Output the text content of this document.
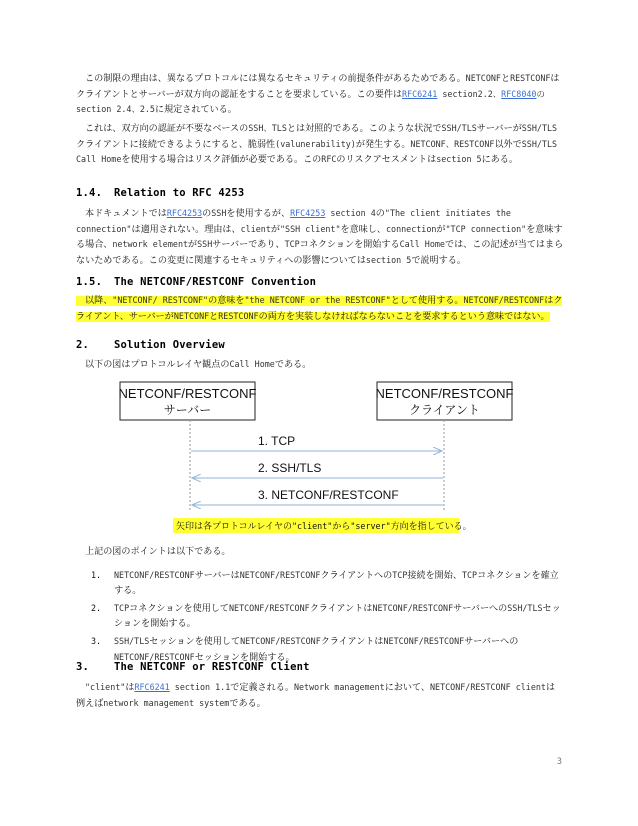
この制限の理由は、異なるプロトコルには異なるセキュリティの前提条件があるためである。NETCONFとRESTCONFはクライアントとサーバーが双方向の認証をすることを要求している。この要件はRFC6241 section2.2、RFC8040のsection 2.4、2.5に規定されている。

これは、双方向の認証が不要なベースのSSH、TLSとは対照的である。このような状況でSSH/TLSサーバーがSSH/TLSクライアントに接続できるようにすると、脆弱性(valunerability)が発生する。NETCONF、RESTCONF以外でSSH/TLS Call Homeを使用する場合はリスク評価が必要である。このRFCのリスクアセスメントはsection 5にある。

1.4. Relation to RFC 4253

本ドキュメントではRFC4253のSSHを使用するが、RFC4253 section 4の"The client initiates the connection"は適用されない。理由は、clientが"SSH client"を意味し、connectionが"TCP connection"を意味する場合、network elementがSSHサーバーであり、TCPコネクションを開始するCall Homeでは、この記述が当てはまらないためである。この変更に関連するセキュリティへの影響についてはsection 5で説明する。

1.5. The NETCONF/RESTCONF Convention

以降、"NETCONF/ RESTCONF"の意味を"the NETCONF or the RESTCONF"として使用する。NETCONF/RESTCONFはクライアント、サーバーがNETCONFとRESTCONFの両方を実装しなければならないことを要求するという意味ではない。

2. Solution Overview

以下の図はプロトコルレイヤ観点のCall Homeである。

NETCONF/RESTCONF
サーバー
NETCONF/RESTCONF
クライアント
1. TCP
2. SSH/TLS
3. NETCONF/RESTCONF
矢印は各プロトコルレイヤの"client"から"server"方向を指している。

上記の図のポイントは以下である。

1. NETCONF/RESTCONFサーバーはNETCONF/RESTCONFクライアントへのTCP接続を開始、TCPコネクションを確立する。
2. TCPコネクションを使用してNETCONF/RESTCONFクライアントはNETCONF/RESTCONFサーバーへのSSH/TLSセッションを開始する。
3. SSH/TLSセッションを使用してNETCONF/RESTCONFクライアントはNETCONF/RESTCONFサーバーへのNETCONF/RESTCONFセッションを開始する。
3. The NETCONF or RESTCONF Client

"client"はRFC6241 section 1.1で定義される。Network managementにおいて、NETCONF/RESTCONF clientは例えばnetwork management systemである。

3
